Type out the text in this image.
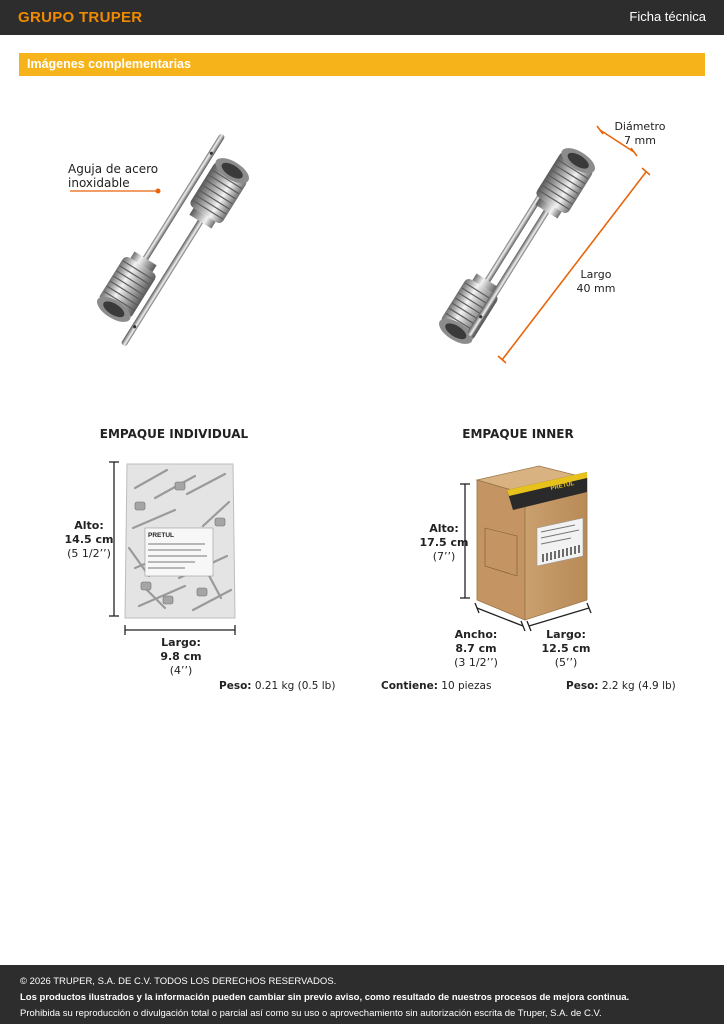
GRUPO TRUPER	Ficha técnica
Imágenes complementarias
Aguja de acero
inoxidable
Diámetro
7 mm
Largo
40 mm
EMPAQUE INDIVIDUAL
PRETUL
Alto:
14.5 cm
(5 1/2’’)
Largo:
9.8 cm
(4’’)
Peso: 0.21 kg (0.5 lb)
EMPAQUE INNER
PRETUL
Alto:
17.5 cm
(7’’)
Ancho:
8.7 cm
(3 1/2’’)
Largo:
12.5 cm
(5’’)
Contiene: 10 piezas	Peso: 2.2 kg (4.9 lb)

© 2026 TRUPER, S.A. DE C.V. TODOS LOS DERECHOS RESERVADOS.

Los productos ilustrados y la información pueden cambiar sin previo aviso, como resultado de nuestros procesos de mejora continua.

Prohibida su reproducción o divulgación total o parcial así como su uso o aprovechamiento sin autorización escrita de Truper, S.A. de C.V.
